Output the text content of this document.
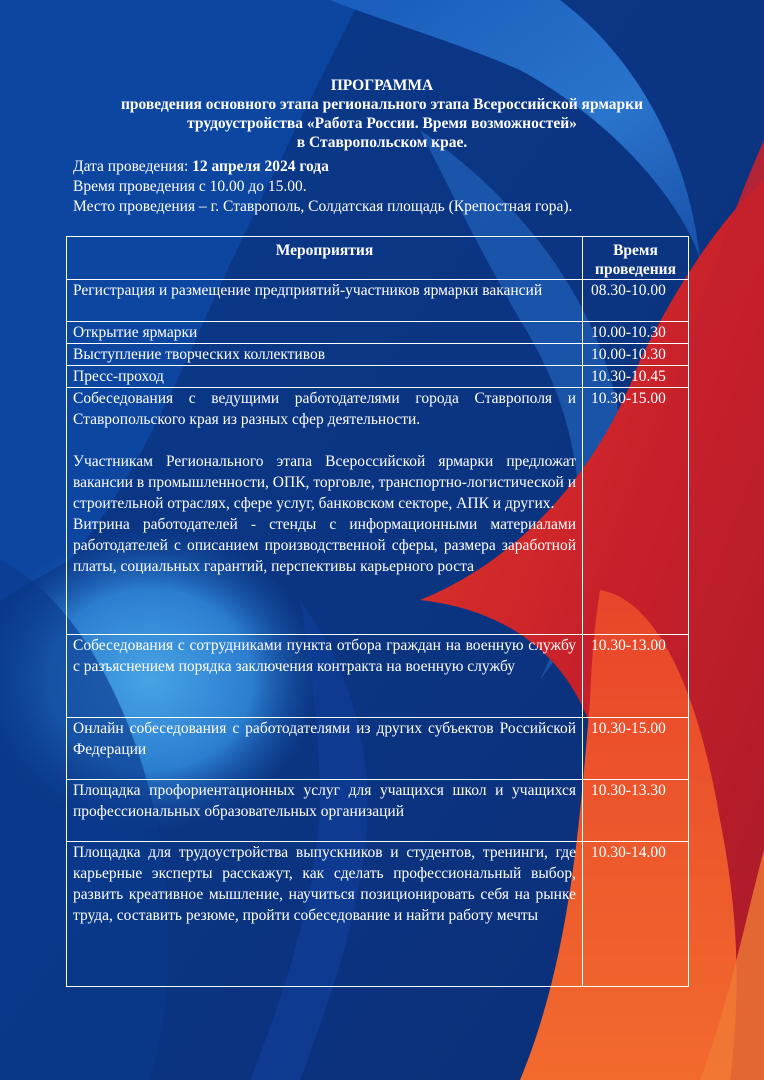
ПРОГРАММА
проведения основного этапа регионального этапа Всероссийской ярмарки
трудоустройства «Работа России. Время возможностей»
в Ставропольском крае.
Дата проведения: 12 апреля 2024 года
Время проведения с 10.00 до 15.00.
Место проведения – г. Ставрополь, Солдатская площадь (Крепостная гора).
Мероприятия	Время
проведения

Регистрация и размещение предприятий-участников ярмарки вакансий	08.30-10.00
Открытие ярмарки	10.00-10.30
Выступление творческих коллективов	10.00-10.30
Пресс-проход	10.30-10.45

Собеседования с ведущими работодателями города Ставрополя и Ставропольского края из разных сфер деятельности.
Участникам Регионального этапа Всероссийской ярмарки предложат вакансии в промышленности, ОПК, торговле, транспортно-логистической и строительной отраслях, сфере услуг, банковском секторе, АПК и других.
Витрина работодателей - стенды с информационными материалами работодателей с описанием производственной сферы, размера заработной платы, социальных гарантий, перспективы карьерного роста	10.30-15.00
Собеседования с сотрудниками пункта отбора граждан на военную службу с разъяснением порядка заключения контракта на военную службу	10.30-13.00
Онлайн собеседования с работодателями из других субъектов Российской Федерации	10.30-15.00
Площадка профориентационных услуг для учащихся школ и учащихся профессиональных образовательных организаций	10.30-13.30
Площадка для трудоустройства выпускников и студентов, тренинги, где карьерные эксперты расскажут, как сделать профессиональный выбор, развить креативное мышление, научиться позиционировать себя на рынке труда, составить резюме, пройти собеседование и найти работу мечты	10.30-14.00
